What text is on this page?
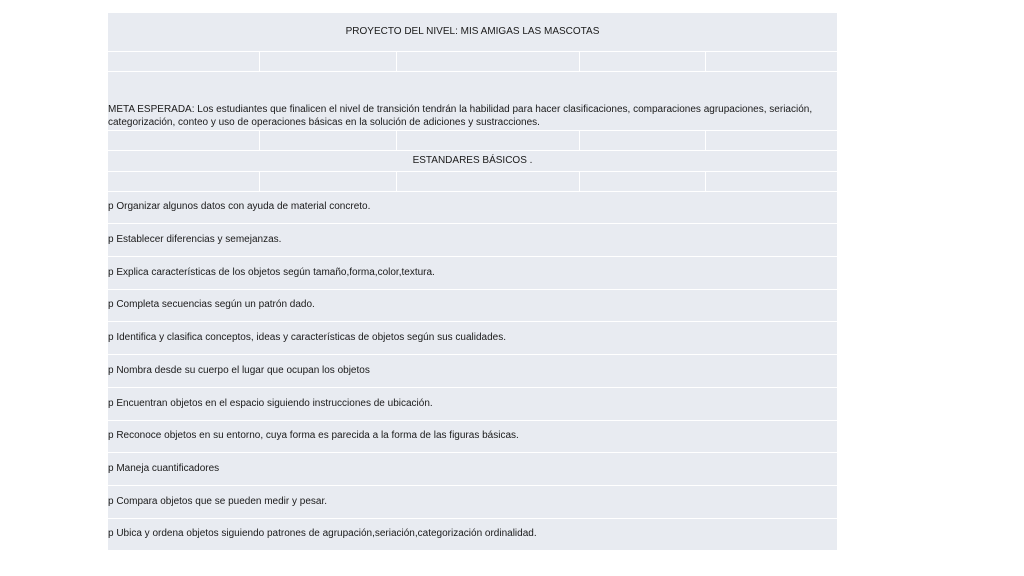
PROYECTO DEL NIVEL: MIS AMIGAS LAS MASCOTAS
META ESPERADA: Los estudiantes que finalicen el nivel de transición tendrán la habilidad para hacer clasificaciones, comparaciones agrupaciones, seriación, categorización, conteo y uso de operaciones básicas en la solución de adiciones y sustracciones.
ESTANDARES BÁSICOS .
p Organizar algunos datos con ayuda de material concreto.
p Establecer diferencias y semejanzas.
p Explica características de los objetos según tamaño,forma,color,textura.
p Completa secuencias según un patrón dado.
p Identifica y clasifica conceptos, ideas y características de objetos según sus cualidades.
p Nombra desde su cuerpo el lugar que ocupan los objetos
p Encuentran objetos en el espacio siguiendo instrucciones de ubicación.
p Reconoce objetos en su entorno, cuya forma es parecida a la forma de las figuras básicas.
p Maneja cuantificadores
p Compara objetos que se pueden medir y pesar.
p Ubica y ordena objetos siguiendo patrones de agrupación,seriación,categorización ordinalidad.
